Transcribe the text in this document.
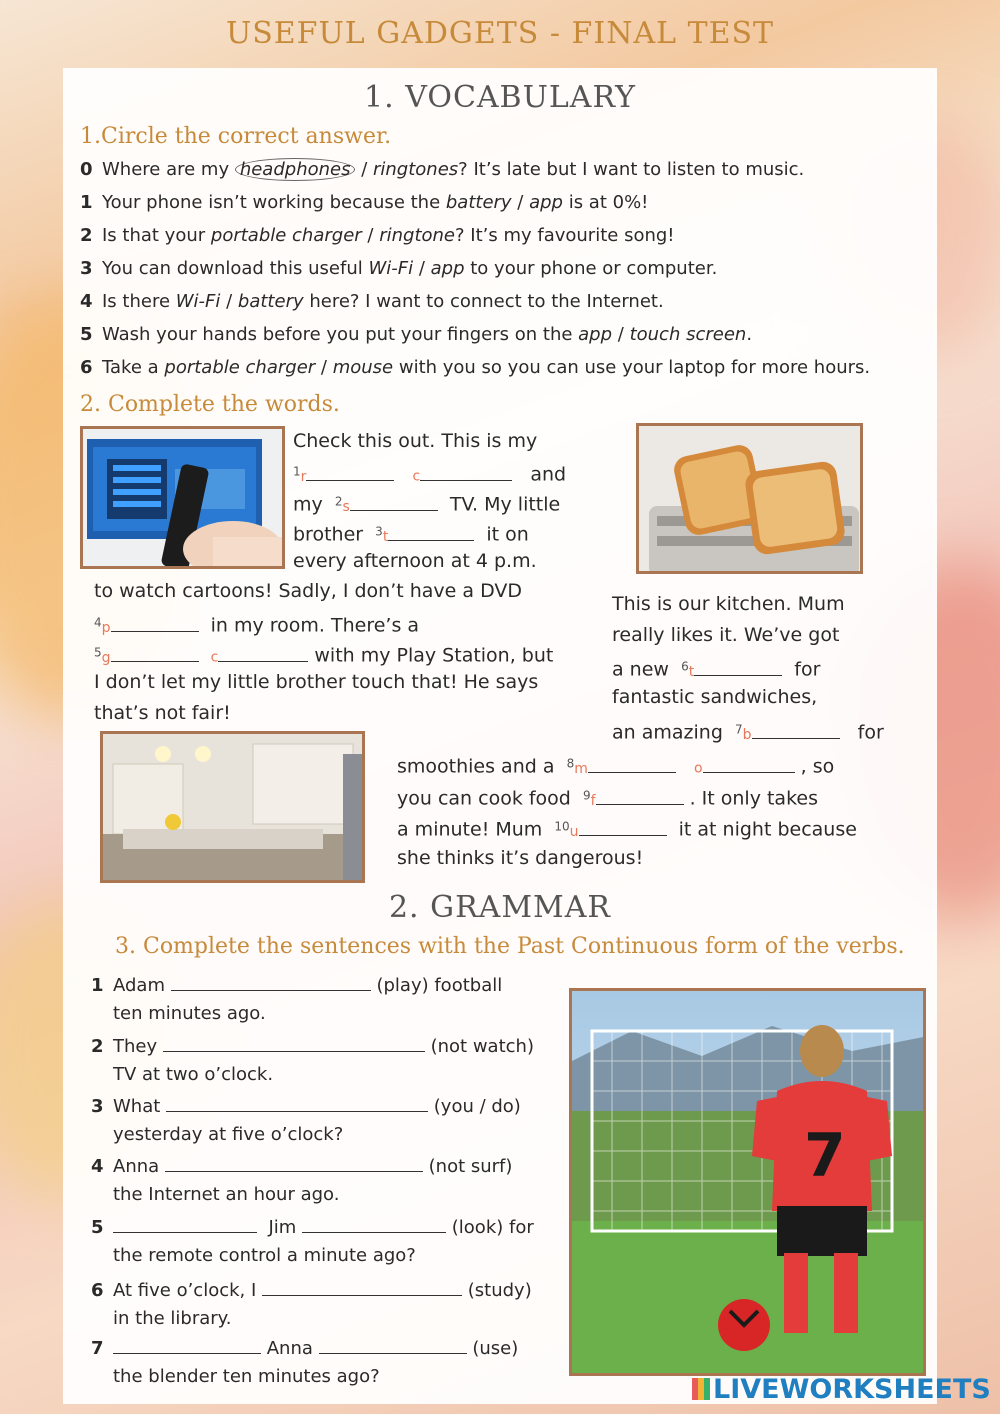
USEFUL GADGETS - FINAL TEST
1. VOCABULARY
1.Circle the correct answer.
0 Where are my headphones / ringtones? It’s late but I want to listen to music.
1 Your phone isn’t working because the battery / app is at 0%!
2 Is that your portable charger / ringtone? It’s my favourite song!
3 You can download this useful Wi-Fi / app to your phone or computer.
4 Is there Wi-Fi / battery here? I want to connect to the Internet.
5 Wash your hands before you put your fingers on the app / touch screen.
6 Take a portable charger / mouse with you so you can use your laptop for more hours.
2. Complete the words.
Check this out. This is my
1r	c	and
my 2s	TV. My little
brother 3t	it on
every afternoon at 4 p.m.
to watch cartoons! Sadly, I don’t have a DVD
4p	in my room. There’s a
5g	c	with my Play Station, but
I don’t let my little brother touch that! He says
that’s not fair!
This is our kitchen. Mum
really likes it. We’ve got
a new 6t	for
fantastic sandwiches,
an amazing 7b	for
smoothies and a 8m	o	, so
you can cook food 9f	. It only takes
a minute! Mum 10u	it at night because
she thinks it’s dangerous!
2. GRAMMAR
3. Complete the sentences with the Past Continuous form of the verbs.
7
1 Adam	(play) football
ten minutes ago.
2 They	(not watch)
TV at two o’clock.
3 What	(you / do)
yesterday at five o’clock?
4 Anna	(not surf)
the Internet an hour ago.
5	Jim	(look) for
the remote control a minute ago?
6 At five o’clock, I	(study)
in the library.
7	Anna	(use)
the blender ten minutes ago?	LIVEWORKSHEETS
